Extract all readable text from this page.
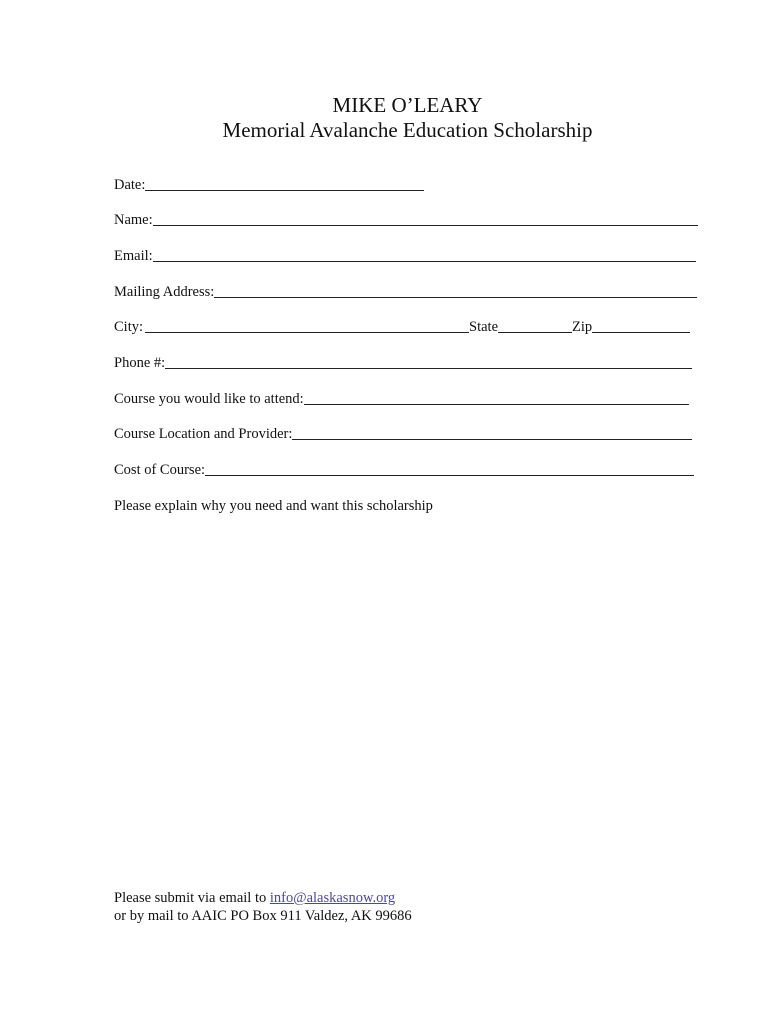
MIKE O’LEARY
Memorial Avalanche Education Scholarship
Date:
Name:
Email:
Mailing Address:
City:	State	Zip
Phone #:
Course you would like to attend:
Course Location and Provider:
Cost of Course:
Please explain why you need and want this scholarship
Please submit via email to info@alaskasnow.org
or by mail to AAIC PO Box 911 Valdez, AK 99686
